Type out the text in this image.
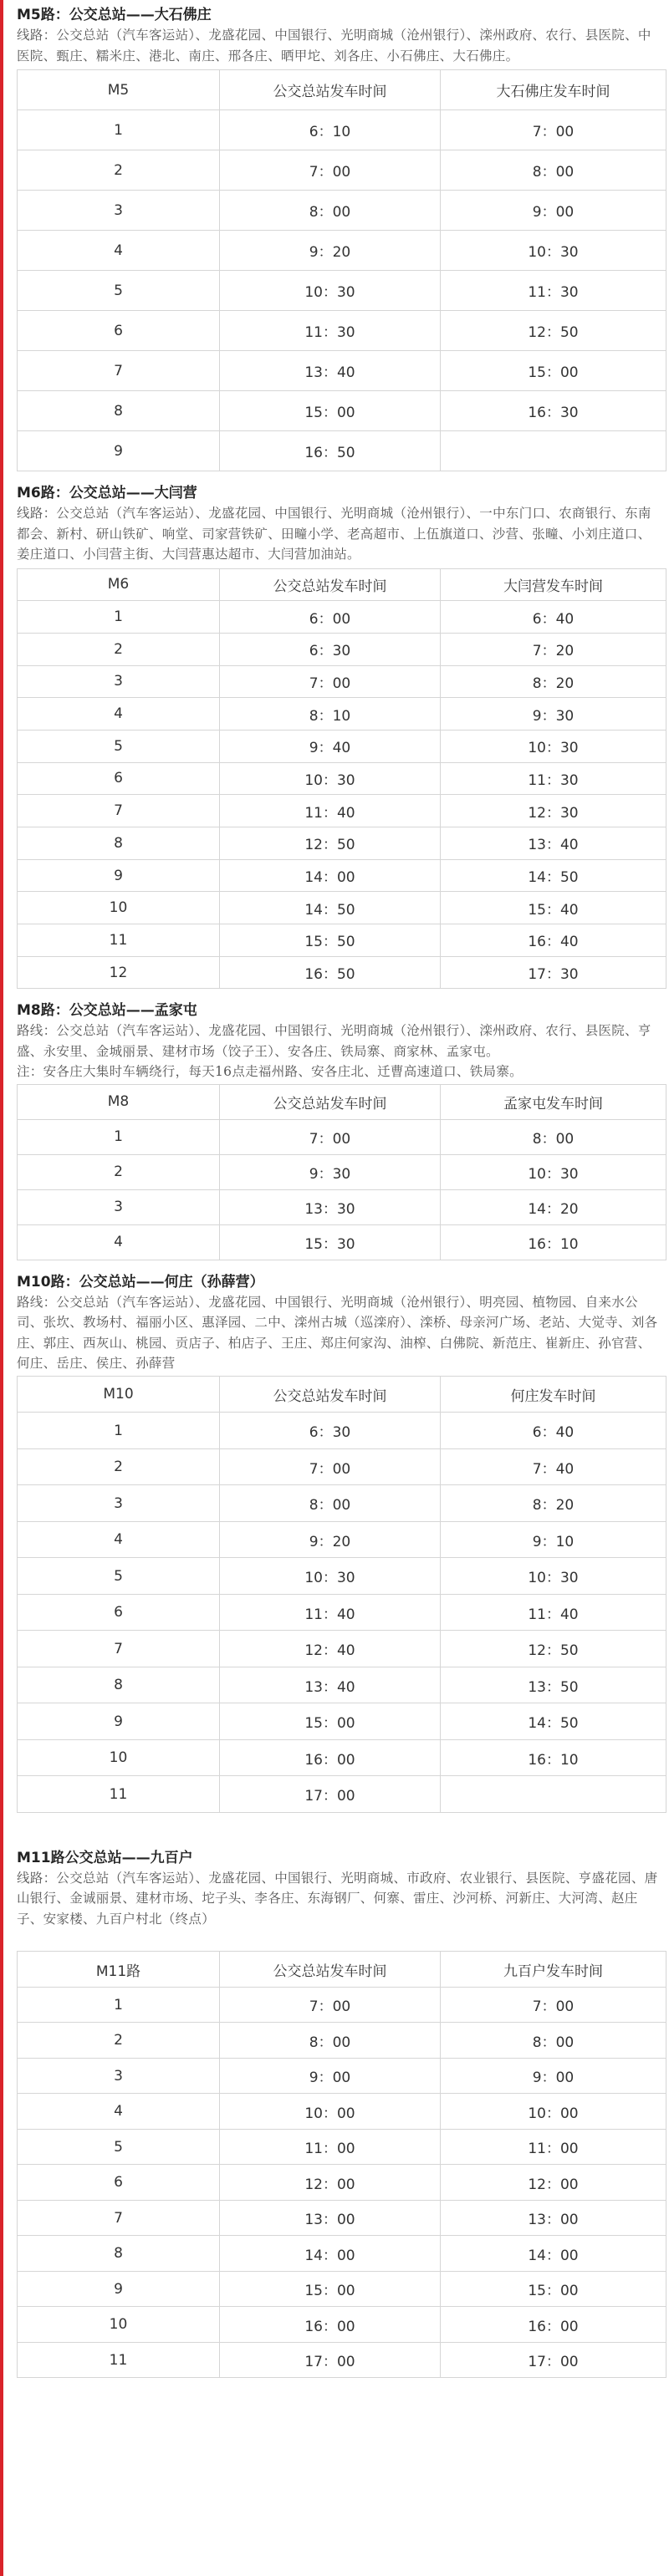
M5路：公交总站——大石佛庄
线路：公交总站（汽车客运站）、龙盛花园、中国银行、光明商城（沧州银行）、滦州政府、农行、县医院、中医院、甄庄、糯米庄、港北、南庄、邢各庄、晒甲坨、刘各庄、小石佛庄、大石佛庄。
M5	公交总站发车时间	大石佛庄发车时间
1	6：10	7：00
2	7：00	8：00
3	8：00	9：00
4	9：20	10：30
5	10：30	11：30
6	11：30	12：50
7	13：40	15：00
8	15：00	16：30
9	16：50	
M6路：公交总站——大闫营
线路：公交总站（汽车客运站）、龙盛花园、中国银行、光明商城（沧州银行）、一中东门口、农商银行、东南都会、新村、研山铁矿、响堂、司家营铁矿、田疃小学、老高超市、上伍旗道口、沙营、张疃、小刘庄道口、姜庄道口、小闫营主街、大闫营惠达超市、大闫营加油站。
M6	公交总站发车时间	大闫营发车时间
1	6：00	6：40
2	6：30	7：20
3	7：00	8：20
4	8：10	9：30
5	9：40	10：30
6	10：30	11：30
7	11：40	12：30
8	12：50	13：40
9	14：00	14：50
10	14：50	15：40
11	15：50	16：40
12	16：50	17：30
M8路：公交总站——孟家屯
路线：公交总站（汽车客运站）、龙盛花园、中国银行、光明商城（沧州银行）、滦州政府、农行、县医院、亨盛、永安里、金城丽景、建材市场（饺子王）、安各庄、铁局寨、商家林、孟家屯。
注：安各庄大集时车辆绕行，每天16点走福州路、安各庄北、迁曹高速道口、铁局寨。
M8	公交总站发车时间	孟家屯发车时间
1	7：00	8：00
2	9：30	10：30
3	13：30	14：20
4	15：30	16：10
M10路：公交总站——何庄（孙薛营）
路线：公交总站（汽车客运站）、龙盛花园、中国银行、光明商城（沧州银行）、明亮园、植物园、自来水公司、张坎、教场村、福丽小区、惠泽园、二中、滦州古城（巡滦府）、滦桥、母亲河广场、老站、大觉寺、刘各庄、郭庄、西灰山、桃园、贡店子、柏店子、王庄、郑庄何家沟、油榨、白佛院、新范庄、崔新庄、孙官营、何庄、岳庄、侯庄、孙薛营
M10	公交总站发车时间	何庄发车时间
1	6：30	6：40
2	7：00	7：40
3	8：00	8：20
4	9：20	9：10
5	10：30	10：30
6	11：40	11：40
7	12：40	12：50
8	13：40	13：50
9	15：00	14：50
10	16：00	16：10
11	17：00	
M11路公交总站——九百户
线路：公交总站（汽车客运站）、龙盛花园、中国银行、光明商城、市政府、农业银行、县医院、亨盛花园、唐山银行、金诚丽景、建材市场、坨子头、李各庄、东海钢厂、何寨、雷庄、沙河桥、河新庄、大河湾、赵庄子、安家楼、九百户村北（终点）
M11路	公交总站发车时间	九百户发车时间
1	7：00	7：00
2	8：00	8：00
3	9：00	9：00
4	10：00	10：00
5	11：00	11：00
6	12：00	12：00
7	13：00	13：00
8	14：00	14：00
9	15：00	15：00
10	16：00	16：00
11	17：00	17：00
